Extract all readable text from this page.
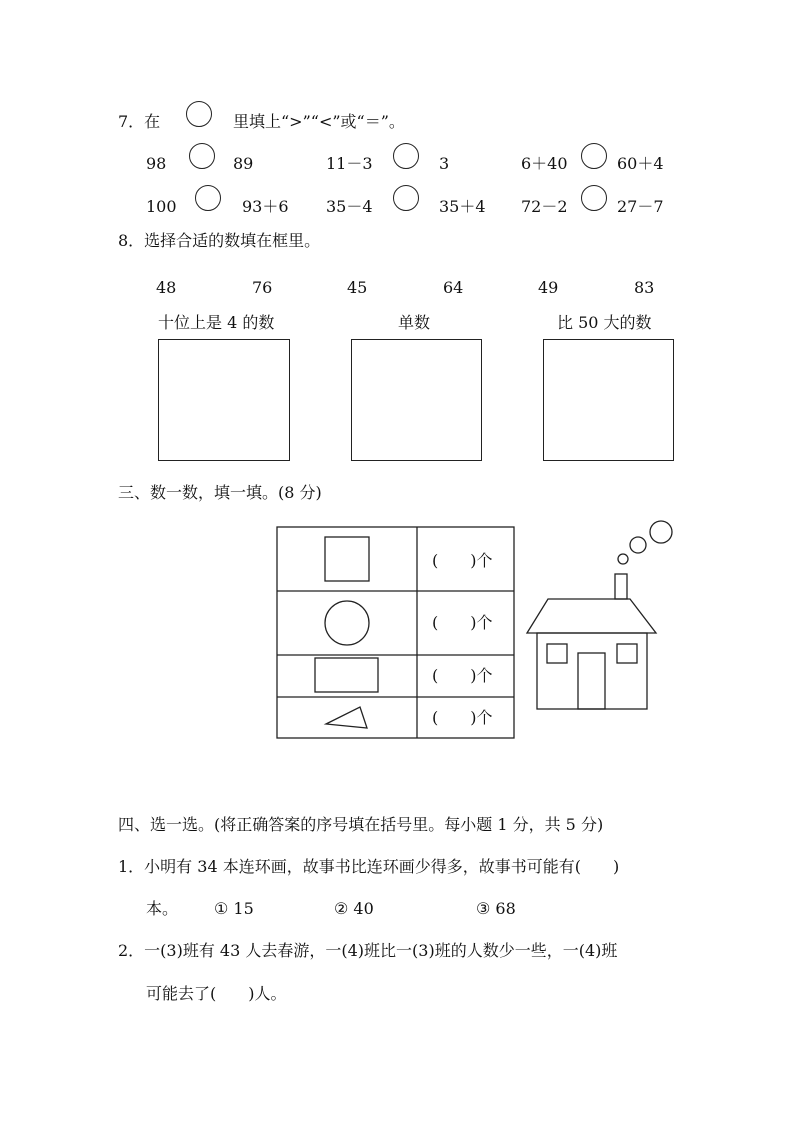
7．在	里填上“>”“<”或“＝”。
98	89	11－3	3	6＋40	60＋4
100	93＋6 35－4	35＋4 72－2	27－7
8．选择合适的数填在框里。
48	76	45	64	49	83
十位上是 4 的数	单数	比 50 大的数
三、数一数，填一填。(8 分)
(　　)个
(　　)个
(　　)个
(　　)个
四、选一选。(将正确答案的序号填在括号里。每小题 1 分，共 5 分)
1．小明有 34 本连环画，故事书比连环画少得多，故事书可能有(　　)
本。 ① 15	② 40	③ 68
2．一(3)班有 43 人去春游，一(4)班比一(3)班的人数少一些，一(4)班
可能去了(　　)人。
